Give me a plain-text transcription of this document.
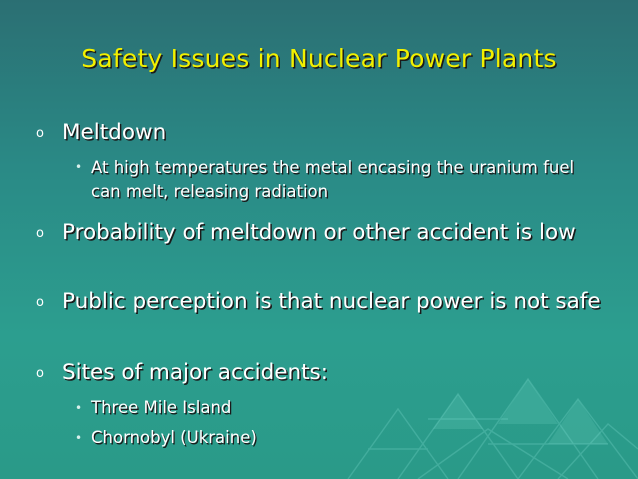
Safety Issues in Nuclear Power Plants
o Meltdown
• At high temperatures the metal encasing the uranium fuel can melt, releasing radiation
o Probability of meltdown or other accident is low
o Public perception is that nuclear power is not safe
o Sites of major accidents:
• Three Mile Island
• Chornobyl (Ukraine)
